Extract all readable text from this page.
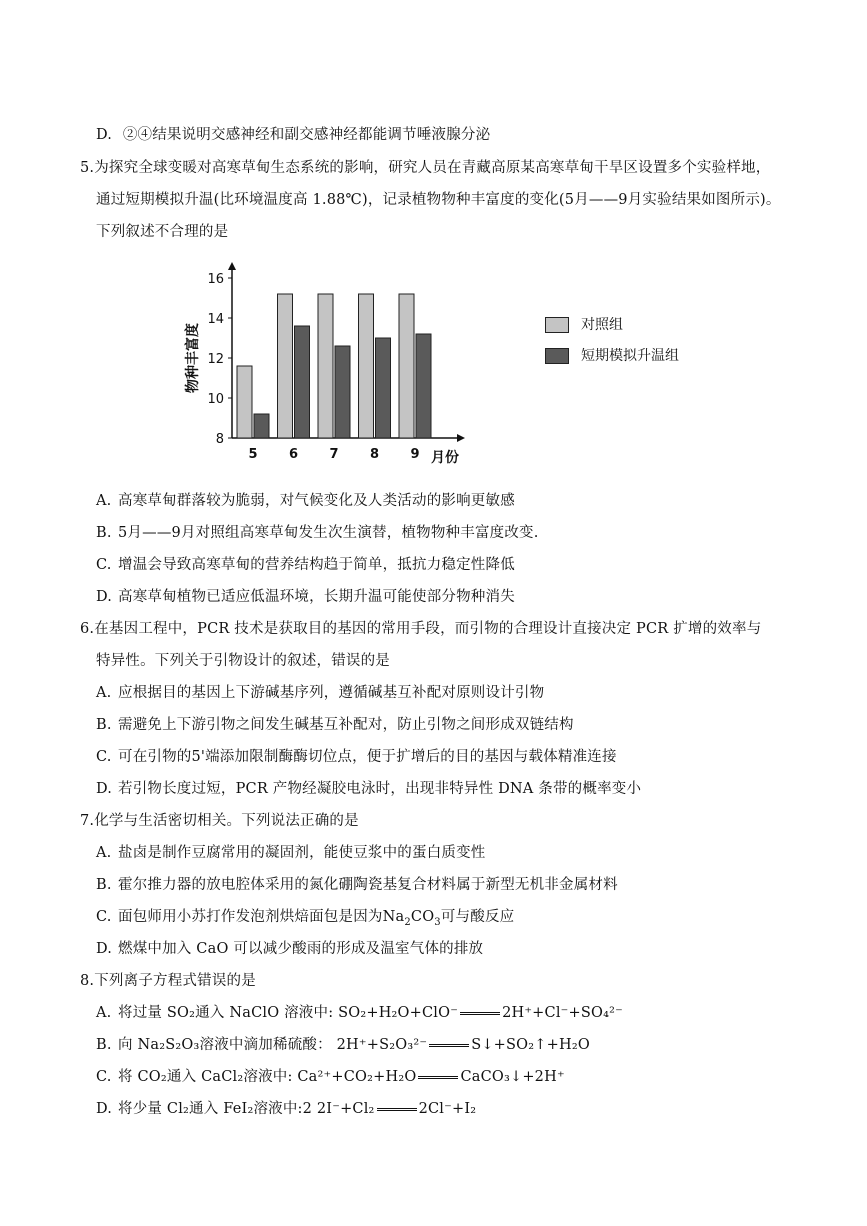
D. ②④结果说明交感神经和副交感神经都能调节唾液腺分泌
5.为探究全球变暖对高寒草甸生态系统的影响，研究人员在青藏高原某高寒草甸干旱区设置多个实验样地，
通过短期模拟升温(比环境温度高 1.88℃)，记录植物物种丰富度的变化(5月——9月实验结果如图所示)。
下列叙述不合理的是
8
10
12
14
16
物种丰富度
5 6 7 8 9 月份
对照组
短期模拟升温组
A. 高寒草甸群落较为脆弱，对气候变化及人类活动的影响更敏感
B. 5月——9月对照组高寒草甸发生次生演替，植物物种丰富度改变.
C. 增温会导致高寒草甸的营养结构趋于简单，抵抗力稳定性降低
D. 高寒草甸植物已适应低温环境，长期升温可能使部分物种消失
6.在基因工程中，PCR 技术是获取目的基因的常用手段，而引物的合理设计直接决定 PCR 扩增的效率与
特异性。下列关于引物设计的叙述，错误的是
A. 应根据目的基因上下游碱基序列，遵循碱基互补配对原则设计引物
B. 需避免上下游引物之间发生碱基互补配对，防止引物之间形成双链结构
C. 可在引物的5'端添加限制酶酶切位点，便于扩增后的目的基因与载体精准连接
D. 若引物长度过短，PCR 产物经凝胶电泳时，出现非特异性 DNA 条带的概率变小
7.化学与生活密切相关。下列说法正确的是
A. 盐卤是制作豆腐常用的凝固剂，能使豆浆中的蛋白质变性
B. 霍尔推力器的放电腔体采用的氮化硼陶瓷基复合材料属于新型无机非金属材料
C. 面包师用小苏打作发泡剂烘焙面包是因为$Na_2CO_3$可与酸反应
D. 燃煤中加入 CaO 可以减少酸雨的形成及温室气体的排放
8.下列离子方程式错误的是
A. 将过量 SO₂通入 NaClO 溶液中: SO₂+H₂O+ClO⁻	2H⁺+Cl⁻+SO₄²⁻
B. 向 Na₂S₂O₃溶液中滴加稀硫酸： 2H⁺+S₂O₃²⁻	S↓+SO₂↑+H₂O
C. 将 CO₂通入 CaCl₂溶液中: Ca²⁺+CO₂+H₂O	CaCO₃↓+2H⁺
D. 将少量 Cl₂通入 FeI₂溶液中:2 2I⁻+Cl₂	2Cl⁻+I₂
